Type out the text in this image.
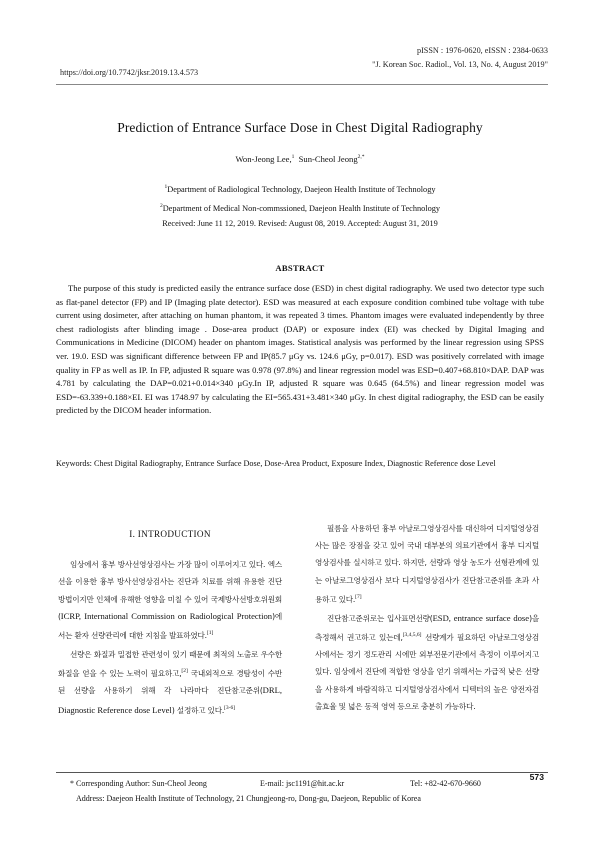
pISSN : 1976-0620, eISSN : 2384-0633
"J. Korean Soc. Radiol., Vol. 13, No. 4, August 2019"
https://doi.org/10.7742/jksr.2019.13.4.573
Prediction of Entrance Surface Dose in Chest Digital Radiography
Won-Jeong Lee,$^1$ Sun-Cheol Jeong$^{2,*}$
$^1$Department of Radiological Technology, Daejeon Health Institute of Technology
$^2$Department of Medical Non-commssioned, Daejeon Health Institute of Technology
Received: June 11 12, 2019. Revised: August 08, 2019. Accepted: August 31, 2019
ABSTRACT
The purpose of this study is predicted easily the entrance surface dose (ESD) in chest digital radiography. We used two detector type such as flat-panel detector (FP) and IP (Imaging plate detector). ESD was measured at each exposure condition combined tube voltage with tube current using dosimeter, after attaching on human phantom, it was repeated 3 times. Phantom images were evaluated independently by three chest radiologists after blinding image . Dose-area product (DAP) or exposure index (EI) was checked by Digital Imaging and Communications in Medicine (DICOM) header on phantom images. Statistical analysis was performed by the linear regression using SPSS ver. 19.0. ESD was significant difference between FP and IP(85.7 μGy vs. 124.6 μGy, p=0.017). ESD was positively correlated with image quality in FP as well as IP. In FP, adjusted R square was 0.978 (97.8%) and linear regression model was ESD=0.407+68.810×DAP. DAP was 4.781 by calculating the DAP=0.021+0.014×340 μGy.In IP, adjusted R square was 0.645 (64.5%) and linear regression model was ESD=-63.339+0.188×EI. EI was 1748.97 by calculating the EI=565.431+3.481×340 μGy. In chest digital radiography, the ESD can be easily predicted by the DICOM header information.
Keywords: Chest Digital Radiography, Entrance Surface Dose, Dose-Area Product, Exposure Index, Diagnostic Reference dose Level
I. INTRODUCTION

임상에서 흉부 방사선영상검사는 가장 많이 이루어지고 있다. 엑스선을 이용한 흉부 방사선영상검사는 진단과 치료를 위해 유용한 진단 방법이지만 인체에 유해한 영향을 미칠 수 있어 국제방사선방호위원회(ICRP, International Commission on Radiological Protection)에서는 환자 선량관리에 대한 지침을 발표하였다.[1]

선량은 화질과 밀접한 관련성이 있기 때문에 최적의 노출로 우수한 화질을 얻을 수 있는 노력이 필요하고,[2] 국내외적으로 경탐성이 수반된 선량을 사용하기 위해 각 나라마다 진단참고준위(DRL, Diagnostic Reference dose Level) 설정하고 있다.[3-6]

필름을 사용하던 흉부 아날로그영상검사를 대신하여 디지털영상검사는 많은 장점을 갖고 있어 국내 대부분의 의료기관에서 흉부 디지털영상검사를 실시하고 있다. 하지만, 선량과 영상 농도가 선형관계에 있는 아날로그영상검사 보다 디지털영상검사가 진단참고준위를 초과 사용하고 있다.[7]

진단참고준위로는 입사표면선량(ESD, entrance surface dose)을 측정해서 권고하고 있는데,[3,4,5,6] 선량계가 필요하던 아날로그영상검사에서는 정기 정도관리 시에만 외부전문기관에서 측정이 이루어지고 있다. 임상에서 진단에 적합한 영상을 얻기 위해서는 가급적 낮은 선량을 사용하게 바람직하고 디지털영상검사에서 디텍터의 높은 양전자검출효율 및 넓은 동적 영역 등으로 충분히 가능하다.

573
* Corresponding Author: Sun-Cheol Jeong	E-mail: jsc1191@hit.ac.kr	Tel: +82-42-670-9660
Address: Daejeon Health Institute of Technology, 21 Chungjeong-ro, Dong-gu, Daejeon, Republic of Korea
